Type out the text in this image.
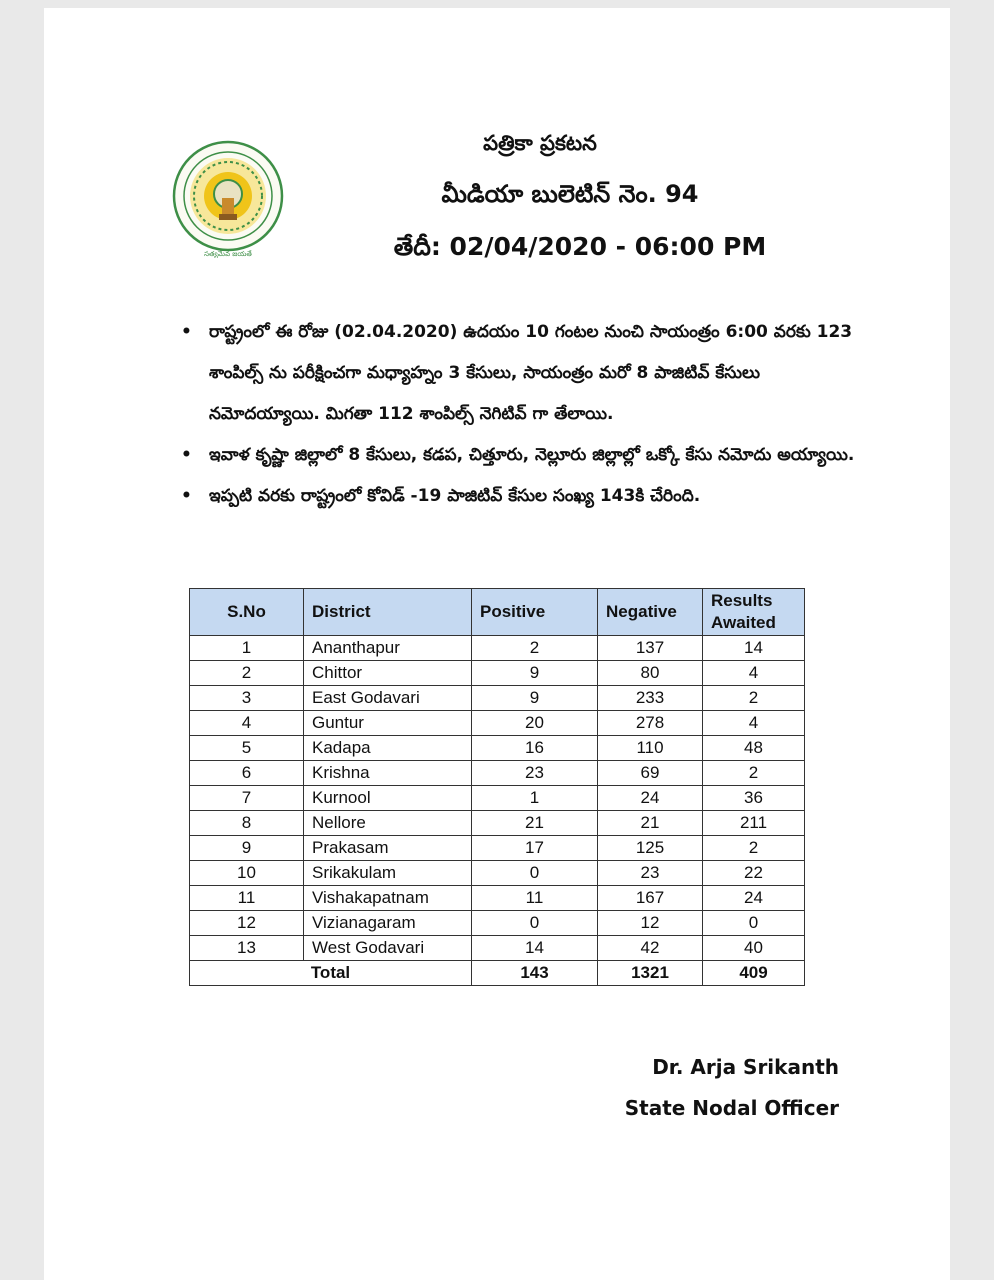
సత్యమేవ జయతే
పత్రికా ప్రకటన
మీడియా బులెటిన్ నెం. 94
తేదీ: 02/04/2020 - 06:00 PM
• రాష్ట్రంలో ఈ రోజు (02.04.2020) ఉదయం 10 గంటల నుంచి సాయంత్రం 6:00 వరకు 123 శాంపిల్స్ ను పరీక్షించగా మధ్యాహ్నం 3 కేసులు, సాయంత్రం మరో 8 పాజిటివ్ కేసులు నమోదయ్యాయి. మిగతా 112 శాంపిల్స్ నెగిటివ్ గా తేలాయి.
• ఇవాళ కృష్ణా జిల్లాలో 8 కేసులు, కడప, చిత్తూరు, నెల్లూరు జిల్లాల్లో ఒక్కో కేసు నమోదు అయ్యాయి.
• ఇప్పటి వరకు రాష్ట్రంలో కోవిడ్ -19 పాజిటివ్ కేసుల సంఖ్య 143కి చేరింది.
S.No	District	Positive	Negative	Results Awaited
1	Ananthapur	2	137	14
2	Chittor	9	80	4
3	East Godavari	9	233	2
4	Guntur	20	278	4
5	Kadapa	16	110	48
6	Krishna	23	69	2
7	Kurnool	1	24	36
8	Nellore	21	21	211
9	Prakasam	17	125	2
10	Srikakulam	0	23	22
11	Vishakapatnam	11	167	24
12	Vizianagaram	0	12	0
13	West Godavari	14	42	40
Total		143	1321	409
Dr. Arja Srikanth
State Nodal Officer
